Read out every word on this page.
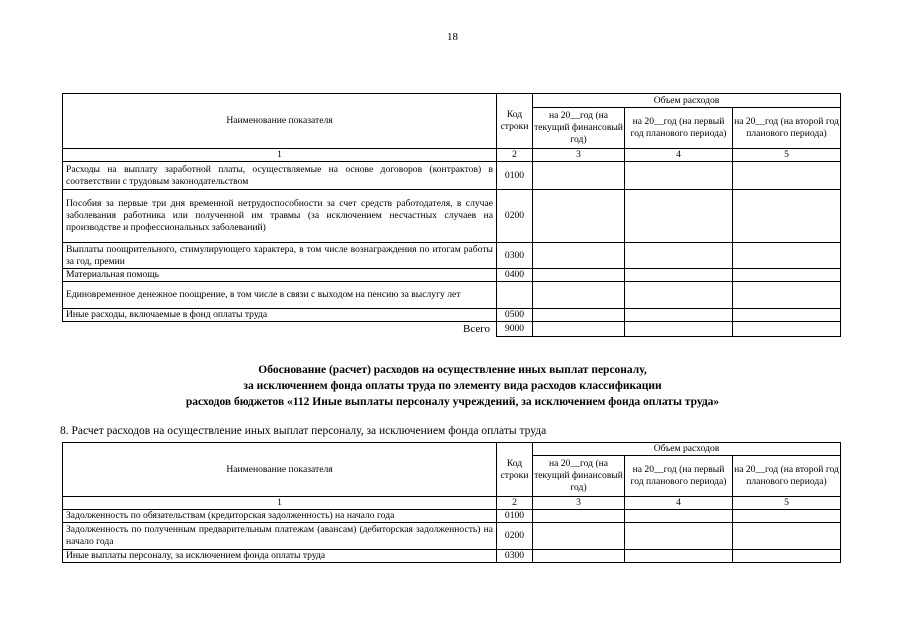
18
Наименование показателя	Код строки	Объем расходов		
		на 20__год (на текущий финансовый год)	на 20__год (на первый год планового периода)	на 20__год (на второй год планового периода)
1	2	3	4	5
Расходы на выплату заработной платы, осуществляемые на основе договоров (контрактов) в соответствии с трудовым законодательством	0100			
Пособия за первые три дня временной нетрудоспособности за счет средств работодателя, в случае заболевания работника или полученной им травмы (за исключением несчастных случаев на производстве и профессиональных заболеваний)	0200			
Выплаты поощрительного, стимулирующего характера, в том числе вознаграждения по итогам работы за год, премии	0300			
Материальная помощь	0400			
Единовременное денежное поощрение, в том числе в связи с выходом на пенсию за выслугу лет				
Иные расходы, включаемые в фонд оплаты труда	0500			
Всего	9000			
Обоснование (расчет) расходов на осуществление иных выплат персоналу,
за исключением фонда оплаты труда по элементу вида расходов классификации
расходов бюджетов «112 Иные выплаты персоналу учреждений, за исключением фонда оплаты труда»
8. Расчет расходов на осуществление иных выплат персоналу, за исключением фонда оплаты труда
Наименование показателя	Код строки	Объем расходов		
		на 20__год (на текущий финансовый год)	на 20__год (на первый год планового периода)	на 20__год (на второй год планового периода)
1	2	3	4	5
Задолженность по обязательствам (кредиторская задолженность) на начало года	0100			
Задолженность по полученным предварительным платежам (авансам) (дебиторская задолженность) на начало года	0200			
Иные выплаты персоналу, за исключением фонда оплаты труда	0300			
